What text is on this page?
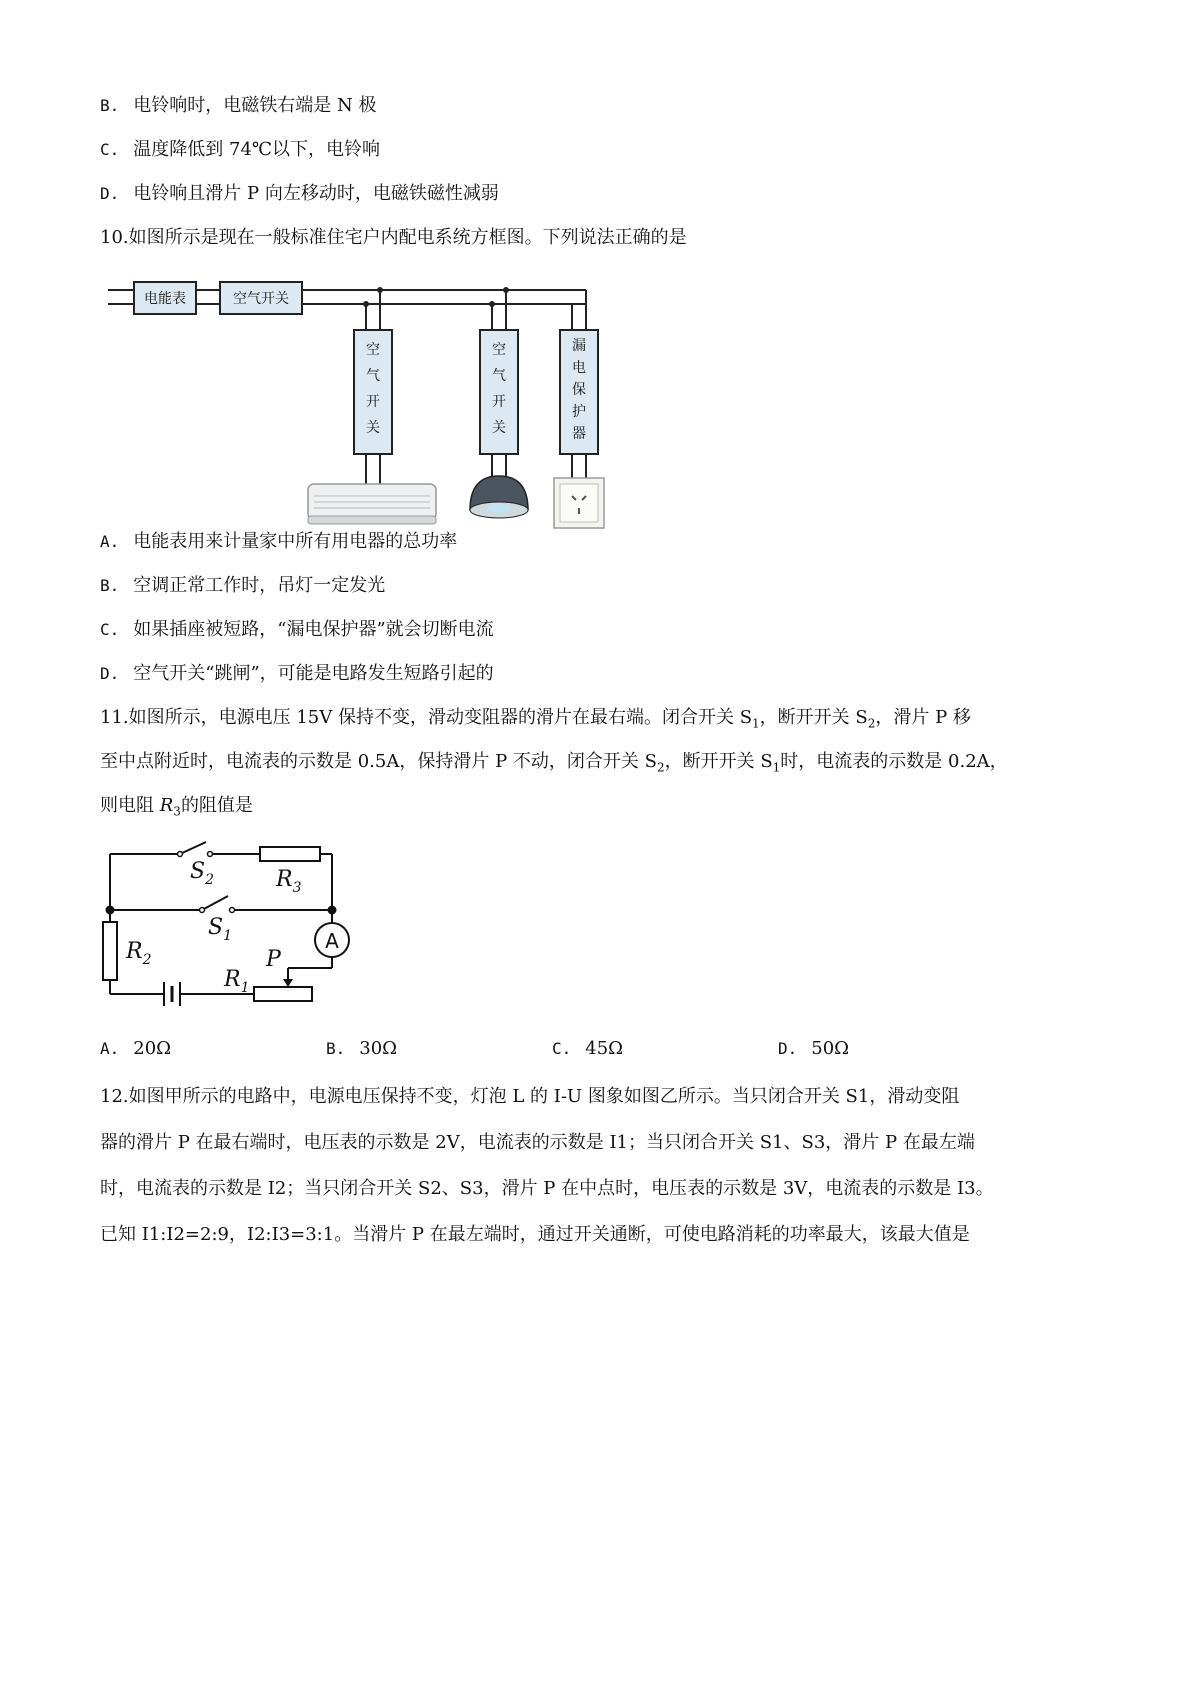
B. 电铃响时，电磁铁右端是 N 极
C. 温度降低到 74℃以下，电铃响
D. 电铃响且滑片 P 向左移动时，电磁铁磁性减弱
10.如图所示是现在一般标准住宅户内配电系统方框图。下列说法正确的是
电能表	空气开关
空
气
开
关
空
气
开
关
漏
电
保
护
器
A. 电能表用来计量家中所有用电器的总功率
B. 空调正常工作时，吊灯一定发光
C. 如果插座被短路，“漏电保护器”就会切断电流
D. 空气开关“跳闸”，可能是电路发生短路引起的
11.如图所示，电源电压 15V 保持不变，滑动变阻器的滑片在最右端。闭合开关 $S_1$，断开开关 $S_2$，滑片 P 移
至中点附近时，电流表的示数是 0.5A，保持滑片 P 不动，闭合开关 $S_2$，断开开关 $S_1$时，电流表的示数是 0.2A，
则电阻 $R_3$的阻值是
$S_2$	$R_3$
$S_1$
$R_2$
$R_1$
P
A
A. 20Ω	B. 30Ω	C. 45Ω	D. 50Ω
12.如图甲所示的电路中，电源电压保持不变，灯泡 L 的 I-U 图象如图乙所示。当只闭合开关 S1，滑动变阻
器的滑片 P 在最右端时，电压表的示数是 2V，电流表的示数是 I1；当只闭合开关 S1、S3，滑片 P 在最左端
时，电流表的示数是 I2；当只闭合开关 S2、S3，滑片 P 在中点时，电压表的示数是 3V，电流表的示数是 I3。
已知 I1:I2=2:9，I2:I3=3:1。当滑片 P 在最左端时，通过开关通断，可使电路消耗的功率最大，该最大值是
